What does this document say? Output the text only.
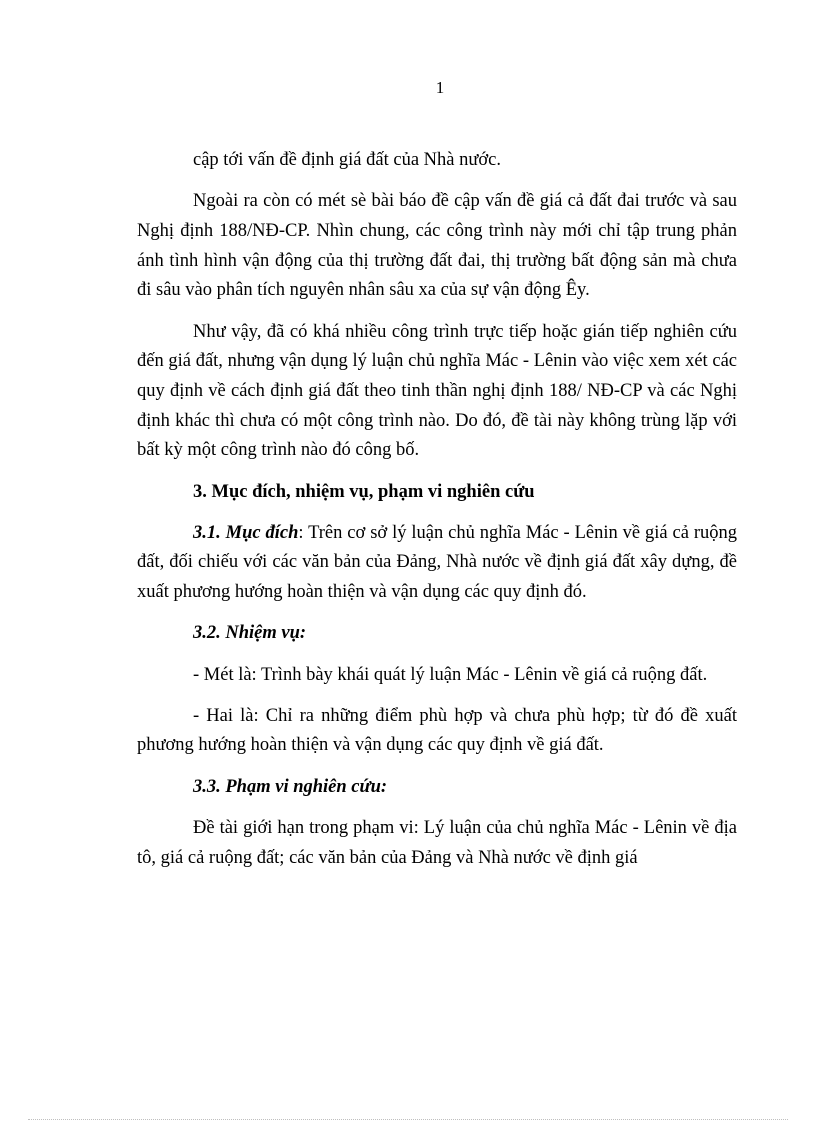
1

cập tới vấn đề định giá đất của Nhà nước.

Ngoài ra còn có mét sè bài báo đề cập vấn đề giá cả đất đai trước và sau Nghị định 188/NĐ-CP. Nhìn chung, các công trình này mới chỉ tập trung phản ánh tình hình vận động của thị trường đất đai, thị trường bất động sản mà chưa đi sâu vào phân tích nguyên nhân sâu xa của sự vận động Êy.

Như vậy, đã có khá nhiều công trình trực tiếp hoặc gián tiếp nghiên cứu đến giá đất, nhưng vận dụng lý luận chủ nghĩa Mác - Lênin vào việc xem xét các quy định về cách định giá đất theo tinh thần nghị định 188/ NĐ-CP và các Nghị định khác thì chưa có một công trình nào. Do đó, đề tài này không trùng lặp với bất kỳ một công trình nào đó công bố.

3. Mục đích, nhiệm vụ, phạm vi nghiên cứu

3.1. Mục đích: Trên cơ sở lý luận chủ nghĩa Mác - Lênin về giá cả ruộng đất, đối chiếu với các văn bản của Đảng, Nhà nước về định giá đất xây dựng, đề xuất phương hướng hoàn thiện và vận dụng các quy định đó.

3.2. Nhiệm vụ:

- Mét là: Trình bày khái quát lý luận Mác - Lênin về giá cả ruộng đất.

- Hai là: Chỉ ra những điểm phù hợp và chưa phù hợp; từ đó đề xuất phương hướng hoàn thiện và vận dụng các quy định về giá đất.

3.3. Phạm vi nghiên cứu:

Đề tài giới hạn trong phạm vi: Lý luận của chủ nghĩa Mác - Lênin về địa tô, giá cả ruộng đất; các văn bản của Đảng và Nhà nước về định giá
